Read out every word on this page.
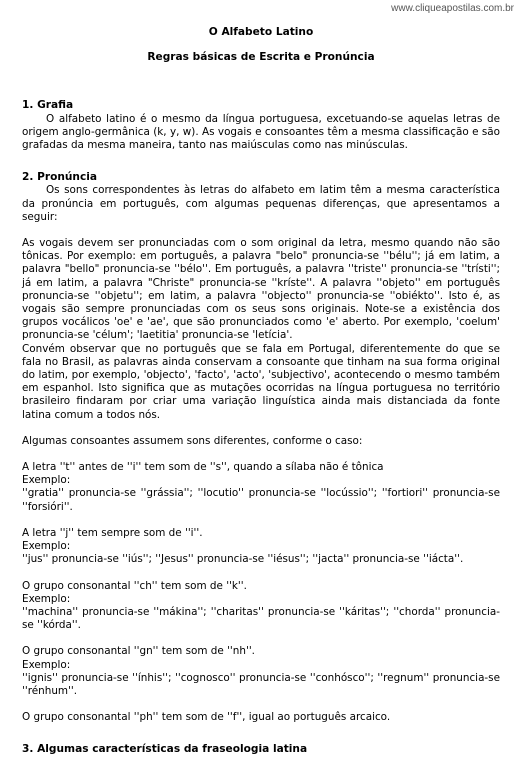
www.cliqueapostilas.com.br
O Alfabeto Latino
Regras básicas de Escrita e Pronúncia
1. Grafia

O alfabeto latino é o mesmo da língua portuguesa, excetuando-se aquelas letras de origem anglo-germânica (k, y, w). As vogais e consoantes têm a mesma classificação e são grafadas da mesma maneira, tanto nas maiúsculas como nas minúsculas.

2. Pronúncia

Os sons correspondentes às letras do alfabeto em latim têm a mesma característica da pronúncia em português, com algumas pequenas diferenças, que apresentamos a seguir:

As vogais devem ser pronunciadas com o som original da letra, mesmo quando não são tônicas. Por exemplo: em português, a palavra "belo" pronuncia-se ''bélu''; já em latim, a palavra "bello" pronuncia-se ''bélo''. Em português, a palavra ''triste'' pronuncia-se ''trísti''; já em latim, a palavra "Christe" pronuncia-se ''kríste''. A palavra ''objeto'' em português pronuncia-se ''objetu''; em latim, a palavra ''objecto'' pronuncia-se ''obiékto''. Isto é, as vogais são sempre pronunciadas com os seus sons originais. Note-se a existência dos grupos vocálicos 'oe' e 'ae', que são pronunciados como 'e' aberto. Por exemplo, 'coelum' pronuncia-se 'célum'; 'laetitia' pronuncia-se 'letícia'.

Convém observar que no português que se fala em Portugal, diferentemente do que se fala no Brasil, as palavras ainda conservam a consoante que tinham na sua forma original do latim, por exemplo, 'objecto', 'facto', 'acto', 'subjectivo', acontecendo o mesmo também em espanhol. Isto significa que as mutações ocorridas na língua portuguesa no território brasileiro findaram por criar uma variação linguística ainda mais distanciada da fonte latina comum a todos nós.

Algumas consoantes assumem sons diferentes, conforme o caso:

A letra ''t'' antes de ''i'' tem som de ''s'', quando a sílaba não é tônica

Exemplo:

''gratia'' pronuncia-se ''grássia''; ''locutio'' pronuncia-se ''locússio''; ''fortiori'' pronuncia-se ''forsióri''.

A letra ''j'' tem sempre som de ''i''.

Exemplo:

''jus'' pronuncia-se ''iús''; ''Jesus'' pronuncia-se ''iésus''; ''jacta'' pronuncia-se ''iácta''.

O grupo consonantal ''ch'' tem som de ''k''.

Exemplo:

''machina'' pronuncia-se ''mákina''; ''charitas'' pronuncia-se ''káritas''; ''chorda'' pronuncia-se ''kórda''.

O grupo consonantal ''gn'' tem som de ''nh''.

Exemplo:

''ignis'' pronuncia-se ''ínhis''; ''cognosco'' pronuncia-se ''conhósco''; ''regnum'' pronuncia-se ''rénhum''.

O grupo consonantal ''ph'' tem som de ''f'', igual ao português arcaico.

3. Algumas características da fraseologia latina
